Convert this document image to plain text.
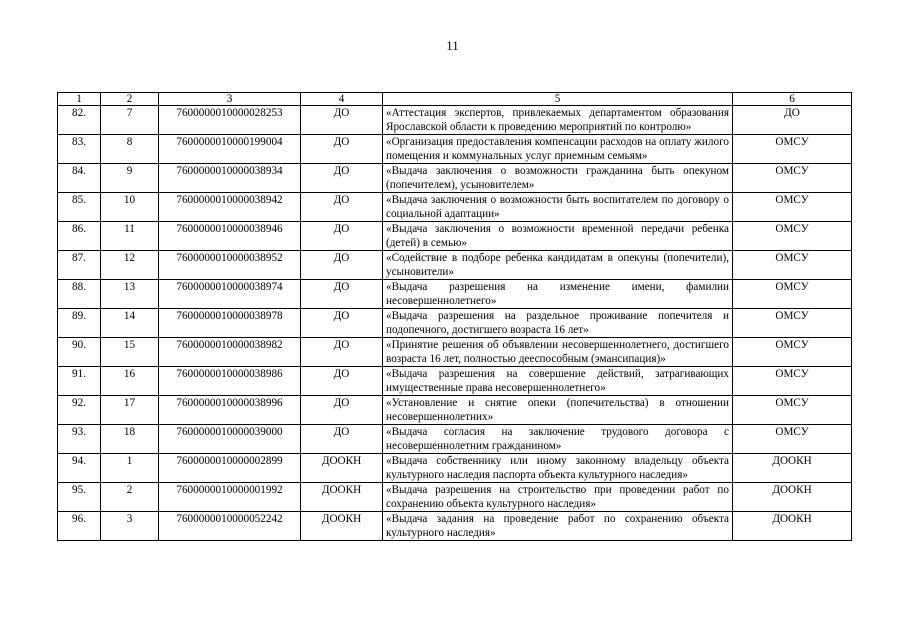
11
1	2	3	4	5	6
82.	7	7600000010000028253	ДО	«Аттестация экспертов, привлекаемых департаментом образования Ярославской области к проведению мероприятий по контролю»	ДО
83.	8	7600000010000199004	ДО	«Организация предоставления компенсации расходов на оплату жилого помещения и коммунальных услуг приемным семьям»	ОМСУ
84.	9	7600000010000038934	ДО	«Выдача заключения о возможности гражданина быть опекуном (попечителем), усыновителем»	ОМСУ
85.	10	7600000010000038942	ДО	«Выдача заключения о возможности быть воспитателем по договору о социальной адаптации»	ОМСУ
86.	11	7600000010000038946	ДО	«Выдача заключения о возможности временной передачи ребенка (детей) в семью»	ОМСУ
87.	12	7600000010000038952	ДО	«Содействие в подборе ребенка кандидатам в опекуны (попечители), усыновители»	ОМСУ
88.	13	7600000010000038974	ДО	«Выдача разрешения на изменение имени, фамилии несовершеннолетнего»	ОМСУ
89.	14	7600000010000038978	ДО	«Выдача разрешения на раздельное проживание попечителя и подопечного, достигшего возраста 16 лет»	ОМСУ
90.	15	7600000010000038982	ДО	«Принятие решения об объявлении несовершеннолетнего, достигшего возраста 16 лет, полностью дееспособным (эмансипация)»	ОМСУ
91.	16	7600000010000038986	ДО	«Выдача разрешения на совершение действий, затрагивающих имущественные права несовершеннолетнего»	ОМСУ
92.	17	7600000010000038996	ДО	«Установление и снятие опеки (попечительства) в отношении несовершеннолетних»	ОМСУ
93.	18	7600000010000039000	ДО	«Выдача согласия на заключение трудового договора с несовершеннолетним гражданином»	ОМСУ
94.	1	7600000010000002899	ДООКН	«Выдача собственнику или иному законному владельцу объекта культурного наследия паспорта объекта культурного наследия»	ДООКН
95.	2	7600000010000001992	ДООКН	«Выдача разрешения на строительство при проведении работ по сохранению объекта культурного наследия»	ДООКН
96.	3	7600000010000052242	ДООКН	«Выдача задания на проведение работ по сохранению объекта культурного наследия»	ДООКН
